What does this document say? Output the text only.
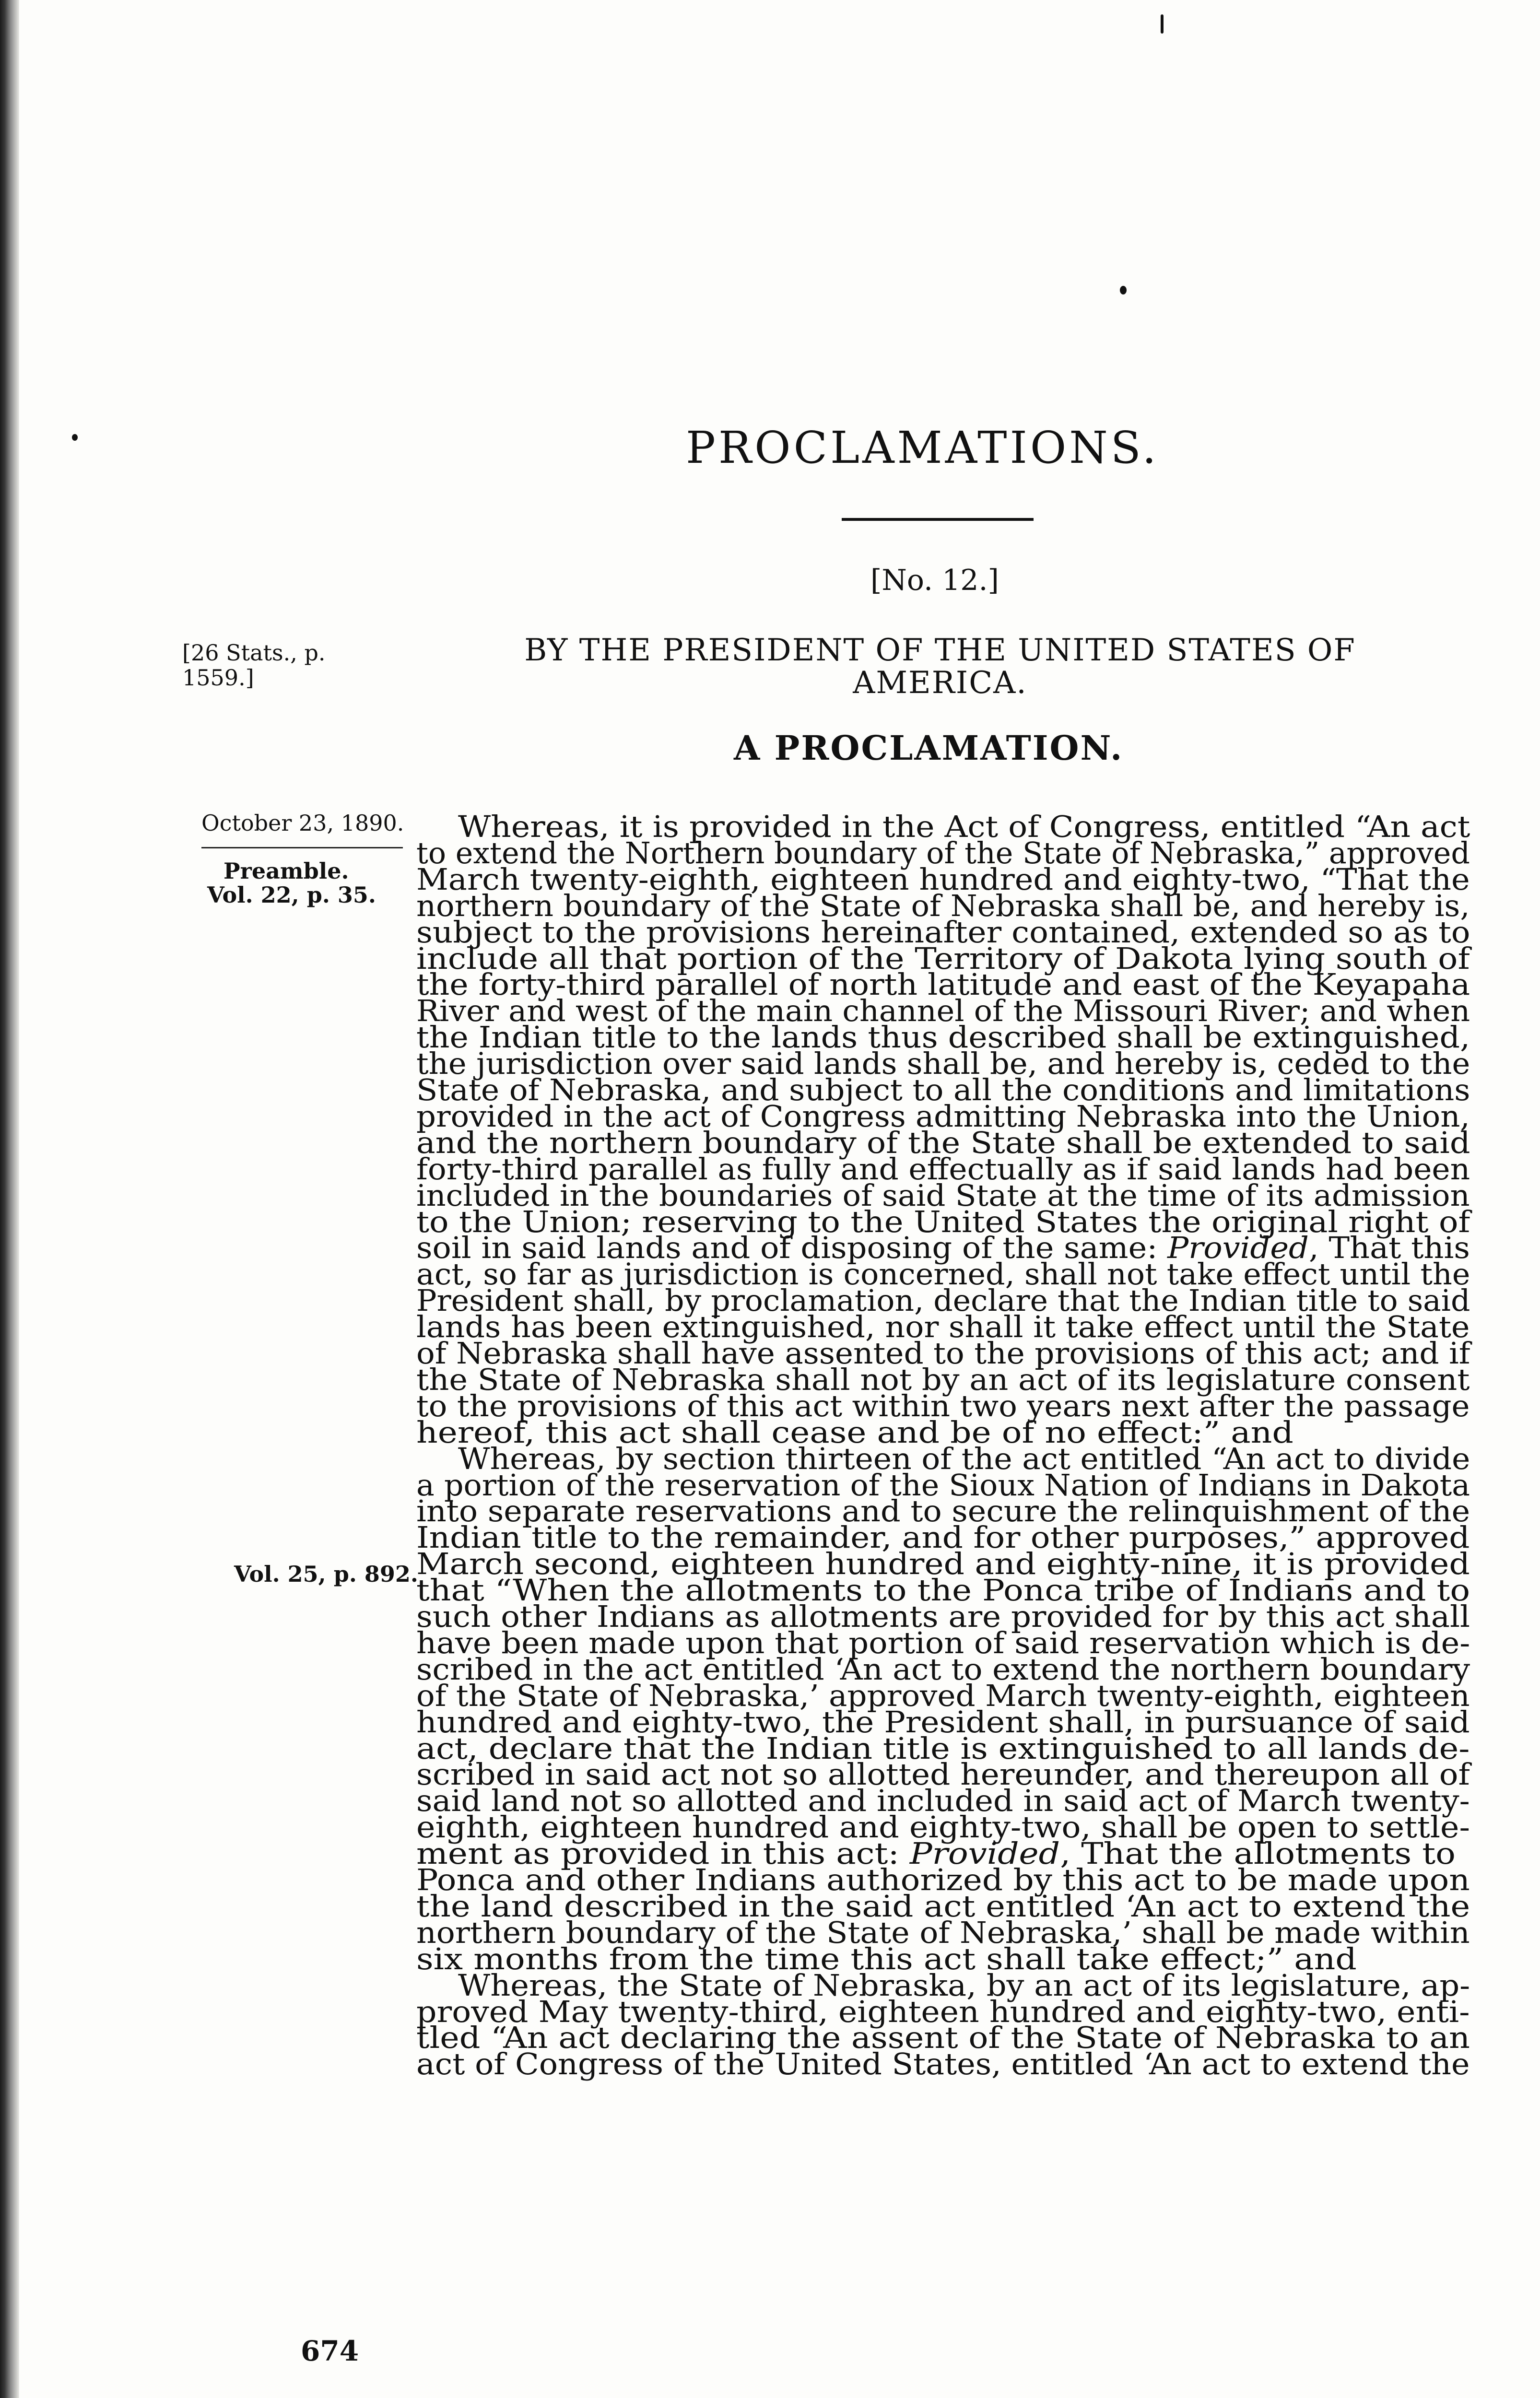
PROCLAMATIONS.
[No. 12.]
[26 Stats., p.
1559.]
BY THE PRESIDENT OF THE UNITED STATES OF
AMERICA.
A PROCLAMATION.
October 23, 1890.
Preamble.
Vol. 22, p. 35.
Vol. 25, p. 892.
Whereas, it is provided in the Act of Congress, entitled “An act
to extend the Northern boundary of the State of Nebraska,” approved
March twenty-eighth, eighteen hundred and eighty-two, “That the
northern boundary of the State of Nebraska shall be, and hereby is,
subject to the provisions hereinafter contained, extended so as to
include all that portion of the Territory of Dakota lying south of
the forty-third parallel of north latitude and east of the Keyapaha
River and west of the main channel of the Missouri River; and when
the Indian title to the lands thus described shall be extinguished,
the jurisdiction over said lands shall be, and hereby is, ceded to the
State of Nebraska, and subject to all the conditions and limitations
provided in the act of Congress admitting Nebraska into the Union,
and the northern boundary of the State shall be extended to said
forty-third parallel as fully and effectually as if said lands had been
included in the boundaries of said State at the time of its admission
to the Union; reserving to the United States the original right of
soil in said lands and of disposing of the same: Provided, That this
act, so far as jurisdiction is concerned, shall not take effect until the
President shall, by proclamation, declare that the Indian title to said
lands has been extinguished, nor shall it take effect until the State
of Nebraska shall have assented to the provisions of this act; and if
the State of Nebraska shall not by an act of its legislature consent
to the provisions of this act within two years next after the passage
hereof, this act shall cease and be of no effect:” and
Whereas, by section thirteen of the act entitled “An act to divide
a portion of the reservation of the Sioux Nation of Indians in Dakota
into separate reservations and to secure the relinquishment of the
Indian title to the remainder, and for other purposes,” approved
March second, eighteen hundred and eighty-nine, it is provided
that “When the allotments to the Ponca tribe of Indians and to
such other Indians as allotments are provided for by this act shall
have been made upon that portion of said reservation which is de-
scribed in the act entitled ‘An act to extend the northern boundary
of the State of Nebraska,’ approved March twenty-eighth, eighteen
hundred and eighty-two, the President shall, in pursuance of said
act, declare that the Indian title is extinguished to all lands de-
scribed in said act not so allotted hereunder, and thereupon all of
said land not so allotted and included in said act of March twenty-
eighth, eighteen hundred and eighty-two, shall be open to settle-
ment as provided in this act: Provided, That the allotments to
Ponca and other Indians authorized by this act to be made upon
the land described in the said act entitled ‘An act to extend the
northern boundary of the State of Nebraska,’ shall be made within
six months from the time this act shall take effect;” and
Whereas, the State of Nebraska, by an act of its legislature, ap-
proved May twenty-third, eighteen hundred and eighty-two, enti-
tled “An act declaring the assent of the State of Nebraska to an
act of Congress of the United States, entitled ‘An act to extend the
674
